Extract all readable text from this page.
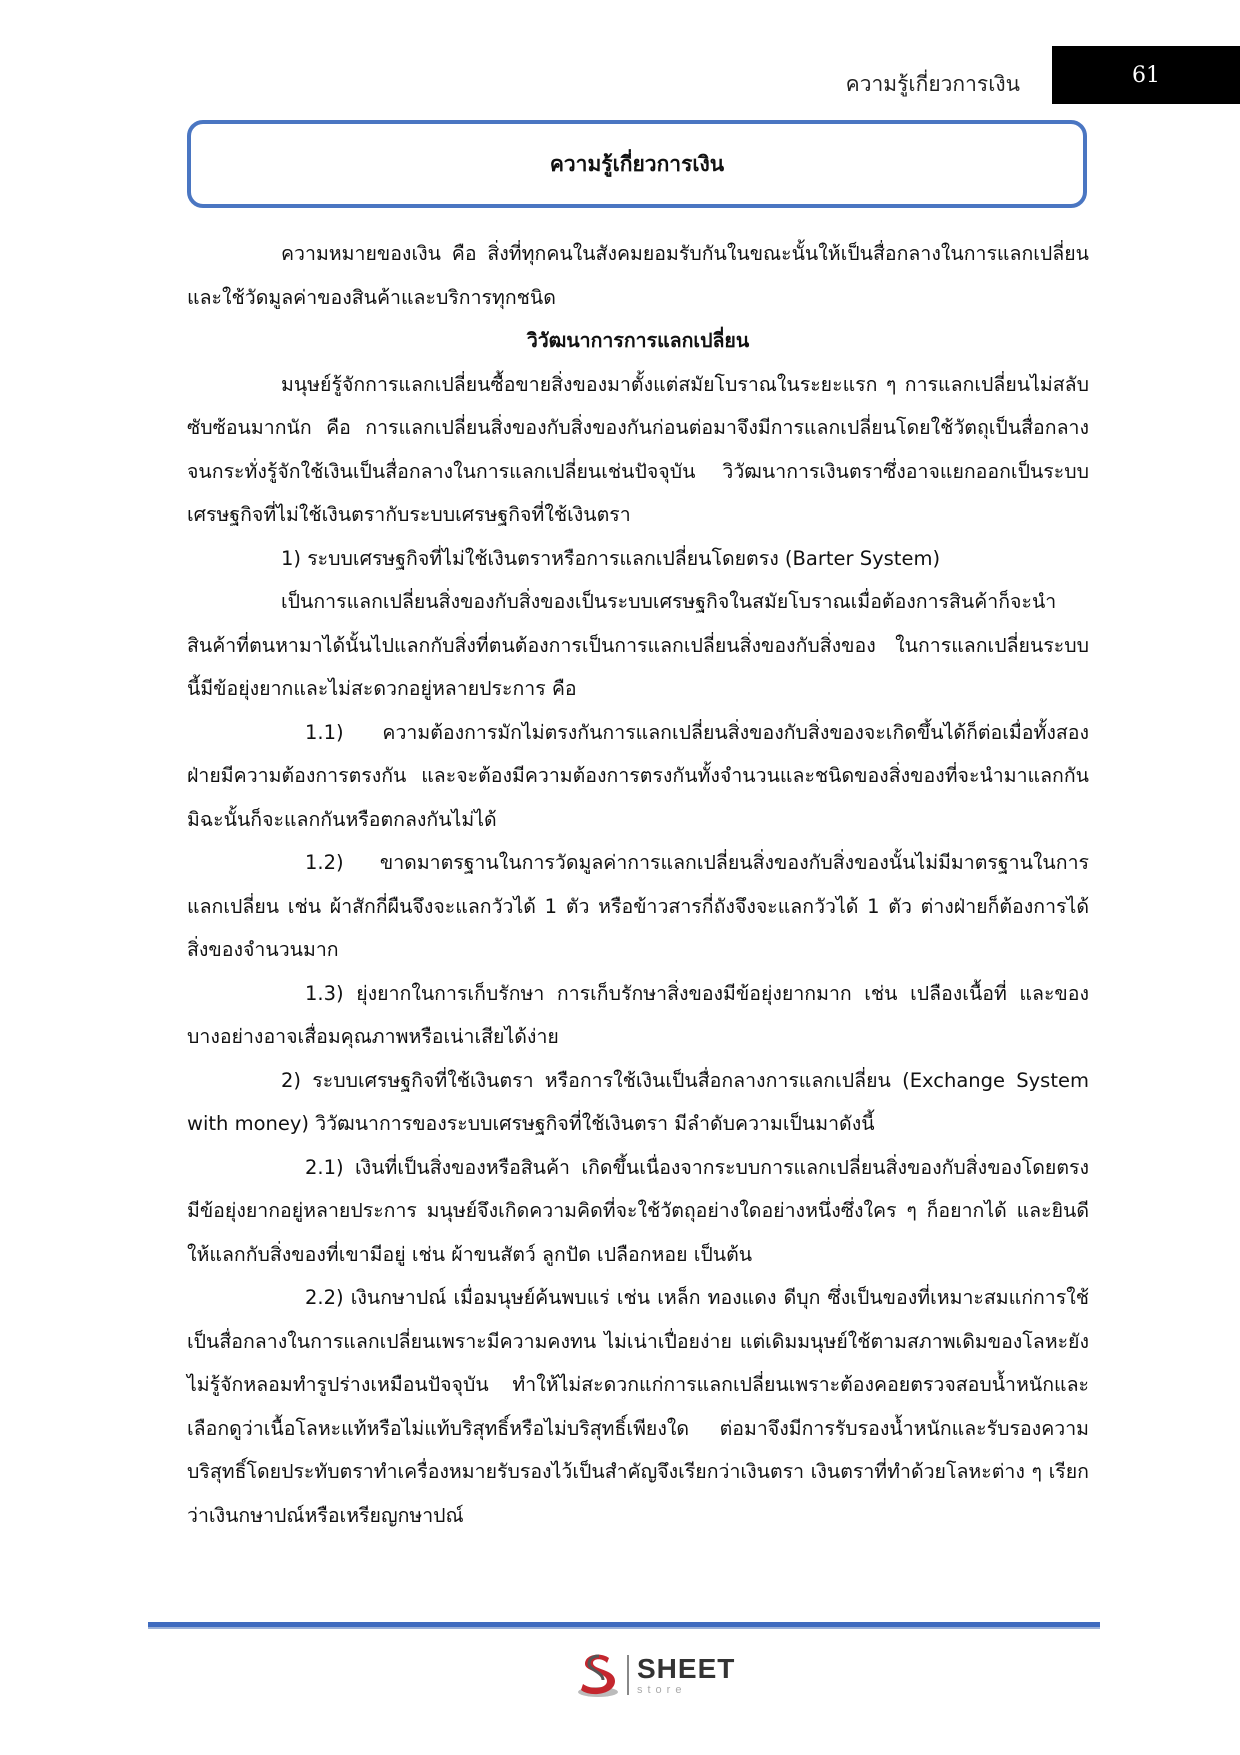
ความรู้เกี่ยวการเงิน	61
ความรู้เกี่ยวการเงิน

ความหมายของเงิน คือ สิ่งที่ทุกคนในสังคมยอมรับกันในขณะนั้นให้เป็นสื่อกลางในการแลกเปลี่ยน และใช้วัดมูลค่าของสินค้าและบริการทุกชนิด

วิวัฒนาการการแลกเปลี่ยน

มนุษย์รู้จักการแลกเปลี่ยนซื้อขายสิ่งของมาตั้งแต่สมัยโบราณในระยะแรก ๆ การแลกเปลี่ยนไม่สลับซับซ้อนมากนัก คือ การแลกเปลี่ยนสิ่งของกับสิ่งของกันก่อนต่อมาจึงมีการแลกเปลี่ยนโดยใช้วัตถุเป็นสื่อกลางจนกระทั่งรู้จักใช้เงินเป็นสื่อกลางในการแลกเปลี่ยนเช่นปัจจุบัน วิวัฒนาการเงินตราซึ่งอาจแยกออกเป็นระบบเศรษฐกิจที่ไม่ใช้เงินตรากับระบบเศรษฐกิจที่ใช้เงินตรา

1) ระบบเศรษฐกิจที่ไม่ใช้เงินตราหรือการแลกเปลี่ยนโดยตรง (Barter System)

เป็นการแลกเปลี่ยนสิ่งของกับสิ่งของเป็นระบบเศรษฐกิจในสมัยโบราณเมื่อต้องการสินค้าก็จะนำสินค้าที่ตนหามาได้นั้นไปแลกกับสิ่งที่ตนต้องการเป็นการแลกเปลี่ยนสิ่งของกับสิ่งของ ในการแลกเปลี่ยนระบบนี้มีข้อยุ่งยากและไม่สะดวกอยู่หลายประการ คือ

1.1) ความต้องการมักไม่ตรงกันการแลกเปลี่ยนสิ่งของกับสิ่งของจะเกิดขึ้นได้ก็ต่อเมื่อทั้งสองฝ่ายมีความต้องการตรงกัน และจะต้องมีความต้องการตรงกันทั้งจำนวนและชนิดของสิ่งของที่จะนำมาแลกกัน มิฉะนั้นก็จะแลกกันหรือตกลงกันไม่ได้

1.2) ขาดมาตรฐานในการวัดมูลค่าการแลกเปลี่ยนสิ่งของกับสิ่งของนั้นไม่มีมาตรฐานในการแลกเปลี่ยน เช่น ผ้าสักกี่ผืนจึงจะแลกวัวได้ 1 ตัว หรือข้าวสารกี่ถังจึงจะแลกวัวได้ 1 ตัว ต่างฝ่ายก็ต้องการได้สิ่งของจำนวนมาก

1.3) ยุ่งยากในการเก็บรักษา การเก็บรักษาสิ่งของมีข้อยุ่งยากมาก เช่น เปลืองเนื้อที่ และของบางอย่างอาจเสื่อมคุณภาพหรือเน่าเสียได้ง่าย

2) ระบบเศรษฐกิจที่ใช้เงินตรา หรือการใช้เงินเป็นสื่อกลางการแลกเปลี่ยน (Exchange System with money) วิวัฒนาการของระบบเศรษฐกิจที่ใช้เงินตรา มีลำดับความเป็นมาดังนี้

2.1) เงินที่เป็นสิ่งของหรือสินค้า เกิดขึ้นเนื่องจากระบบการแลกเปลี่ยนสิ่งของกับสิ่งของโดยตรงมีข้อยุ่งยากอยู่หลายประการ มนุษย์จึงเกิดความคิดที่จะใช้วัตถุอย่างใดอย่างหนึ่งซึ่งใคร ๆ ก็อยากได้ และยินดีให้แลกกับสิ่งของที่เขามีอยู่ เช่น ผ้าขนสัตว์ ลูกปัด เปลือกหอย เป็นต้น

2.2) เงินกษาปณ์ เมื่อมนุษย์ค้นพบแร่ เช่น เหล็ก ทองแดง ดีบุก ซึ่งเป็นของที่เหมาะสมแก่การใช้เป็นสื่อกลางในการแลกเปลี่ยนเพราะมีความคงทน ไม่เน่าเปื่อยง่าย แต่เดิมมนุษย์ใช้ตามสภาพเดิมของโลหะยังไม่รู้จักหลอมทำรูปร่างเหมือนปัจจุบัน ทำให้ไม่สะดวกแก่การแลกเปลี่ยนเพราะต้องคอยตรวจสอบน้ำหนักและเลือกดูว่าเนื้อโลหะแท้หรือไม่แท้บริสุทธิ์หรือไม่บริสุทธิ์เพียงใด ต่อมาจึงมีการรับรองน้ำหนักและรับรองความบริสุทธิ์โดยประทับตราทำเครื่องหมายรับรองไว้เป็นสำคัญจึงเรียกว่าเงินตรา เงินตราที่ทำด้วยโลหะต่าง ๆ เรียกว่าเงินกษาปณ์หรือเหรียญกษาปณ์

SHEET
store
